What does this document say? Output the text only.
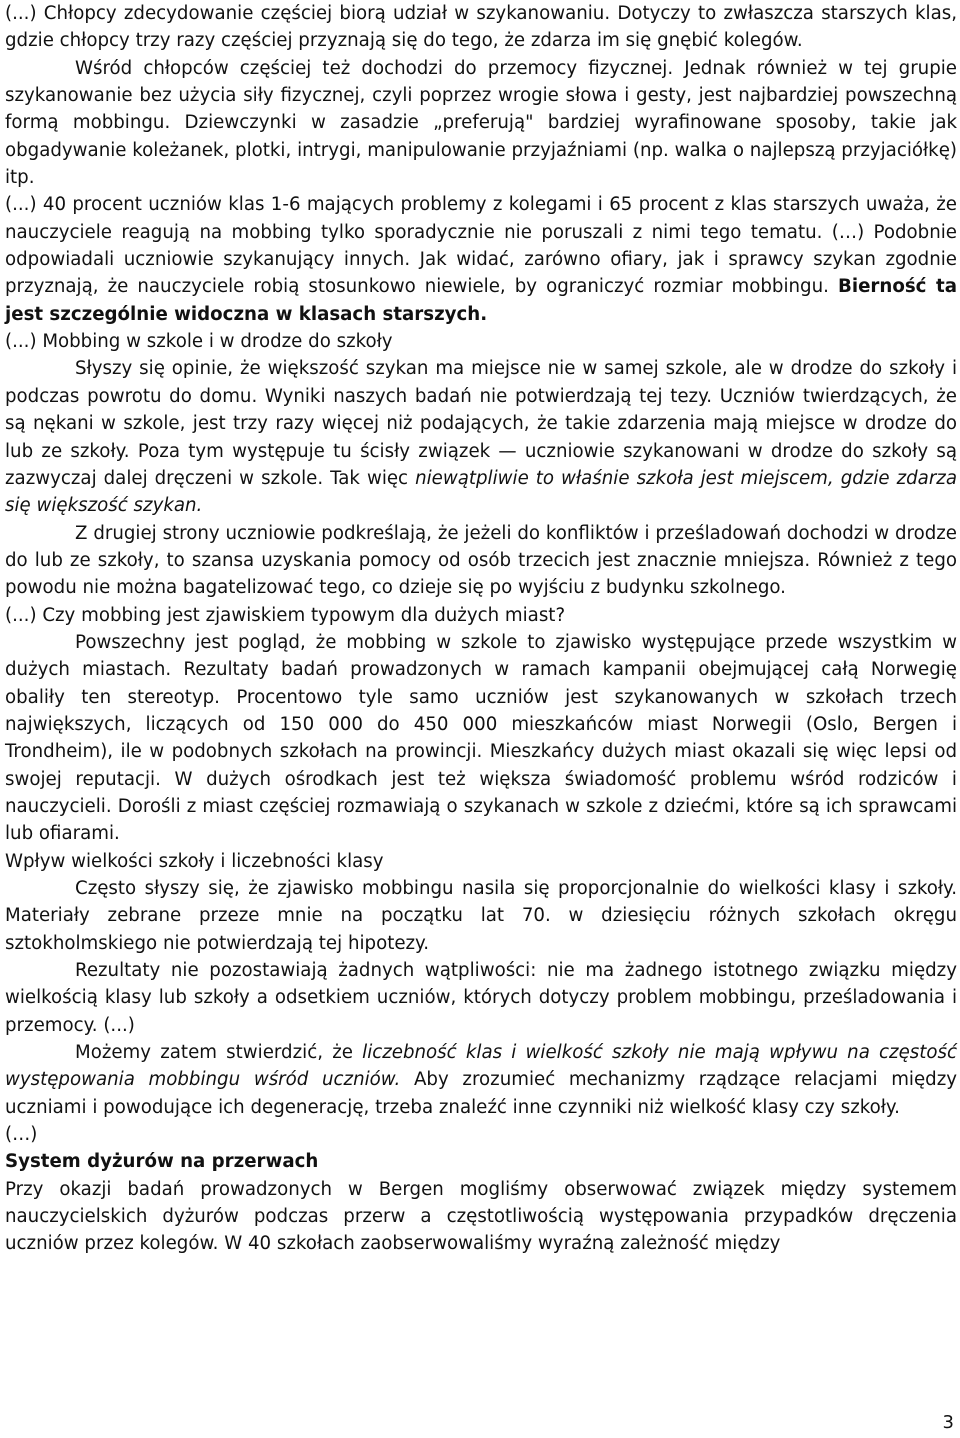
(...) Chłopcy zdecydowanie częściej biorą udział w szykanowaniu. Dotyczy to zwłaszcza starszych klas, gdzie chłopcy trzy razy częściej przyznają się do tego, że zdarza im się gnębić kolegów.

Wśród chłopców częściej też dochodzi do przemocy fizycznej. Jednak również w tej grupie szykanowanie bez użycia siły fizycznej, czyli poprzez wrogie słowa i gesty, jest najbardziej powszechną formą mobbingu. Dziewczynki w zasadzie „preferują" bardziej wyrafinowane sposoby, takie jak obgadywanie koleżanek, plotki, intrygi, manipulowanie przyjaźniami (np. walka o najlepszą przyjaciółkę) itp.

(...) 40 procent uczniów klas 1-6 mających problemy z kolegami i 65 procent z klas starszych uważa, że nauczyciele reagują na mobbing tylko sporadycznie nie poruszali z nimi tego tematu. (…) Podobnie odpowiadali uczniowie szykanujący innych. Jak widać, zarówno ofiary, jak i sprawcy szykan zgodnie przyznają, że nauczyciele robią stosunkowo niewiele, by ograniczyć rozmiar mobbingu. Bierność ta jest szczególnie widoczna w klasach starszych.

(...) Mobbing w szkole i w drodze do szkoły

Słyszy się opinie, że większość szykan ma miejsce nie w samej szkole, ale w drodze do szkoły i podczas powrotu do domu. Wyniki naszych badań nie potwierdzają tej tezy. Uczniów twierdzących, że są nękani w szkole, jest trzy razy więcej niż podających, że takie zdarzenia mają miejsce w drodze do lub ze szkoły. Poza tym występuje tu ścisły związek — uczniowie szykanowani w drodze do szkoły są zazwyczaj dalej dręczeni w szkole. Tak więc niewątpliwie to właśnie szkoła jest miejscem, gdzie zdarza się większość szykan.

Z drugiej strony uczniowie podkreślają, że jeżeli do konfliktów i prześladowań dochodzi w drodze do lub ze szkoły, to szansa uzyskania pomocy od osób trzecich jest znacznie mniejsza. Również z tego powodu nie można bagatelizować tego, co dzieje się po wyjściu z budynku szkolnego.

(...) Czy mobbing jest zjawiskiem typowym dla dużych miast?

Powszechny jest pogląd, że mobbing w szkole to zjawisko występujące przede wszystkim w dużych miastach. Rezultaty badań prowadzonych w ramach kampanii obejmującej całą Norwegię obaliły ten stereotyp. Procentowo tyle samo uczniów jest szykanowanych w szkołach trzech największych, liczących od 150 000 do 450 000 mieszkańców miast Norwegii (Oslo, Bergen i Trondheim), ile w podobnych szkołach na prowincji. Mieszkańcy dużych miast okazali się więc lepsi od swojej reputacji. W dużych ośrodkach jest też większa świadomość problemu wśród rodziców i nauczycieli. Dorośli z miast częściej rozmawiają o szykanach w szkole z dziećmi, które są ich sprawcami lub ofiarami.

Wpływ wielkości szkoły i liczebności klasy

Często słyszy się, że zjawisko mobbingu nasila się proporcjonalnie do wielkości klasy i szkoły. Materiały zebrane przeze mnie na początku lat 70. w dziesięciu różnych szkołach okręgu sztokholmskiego nie potwierdzają tej hipotezy.

Rezultaty nie pozostawiają żadnych wątpliwości: nie ma żadnego istotnego związku między wielkością klasy lub szkoły a odsetkiem uczniów, których dotyczy problem mobbingu, prześladowania i przemocy. (...)

Możemy zatem stwierdzić, że liczebność klas i wielkość szkoły nie mają wpływu na częstość występowania mobbingu wśród uczniów. Aby zrozumieć mechanizmy rządzące relacjami między uczniami i powodujące ich degenerację, trzeba znaleźć inne czynniki niż wielkość klasy czy szkoły.

(…)

System dyżurów na przerwach

Przy okazji badań prowadzonych w Bergen mogliśmy obserwować związek między systemem nauczycielskich dyżurów podczas przerw a częstotliwością występowania przypadków dręczenia uczniów przez kolegów. W 40 szkołach zaobserwowaliśmy wyraźną zależność między

3
